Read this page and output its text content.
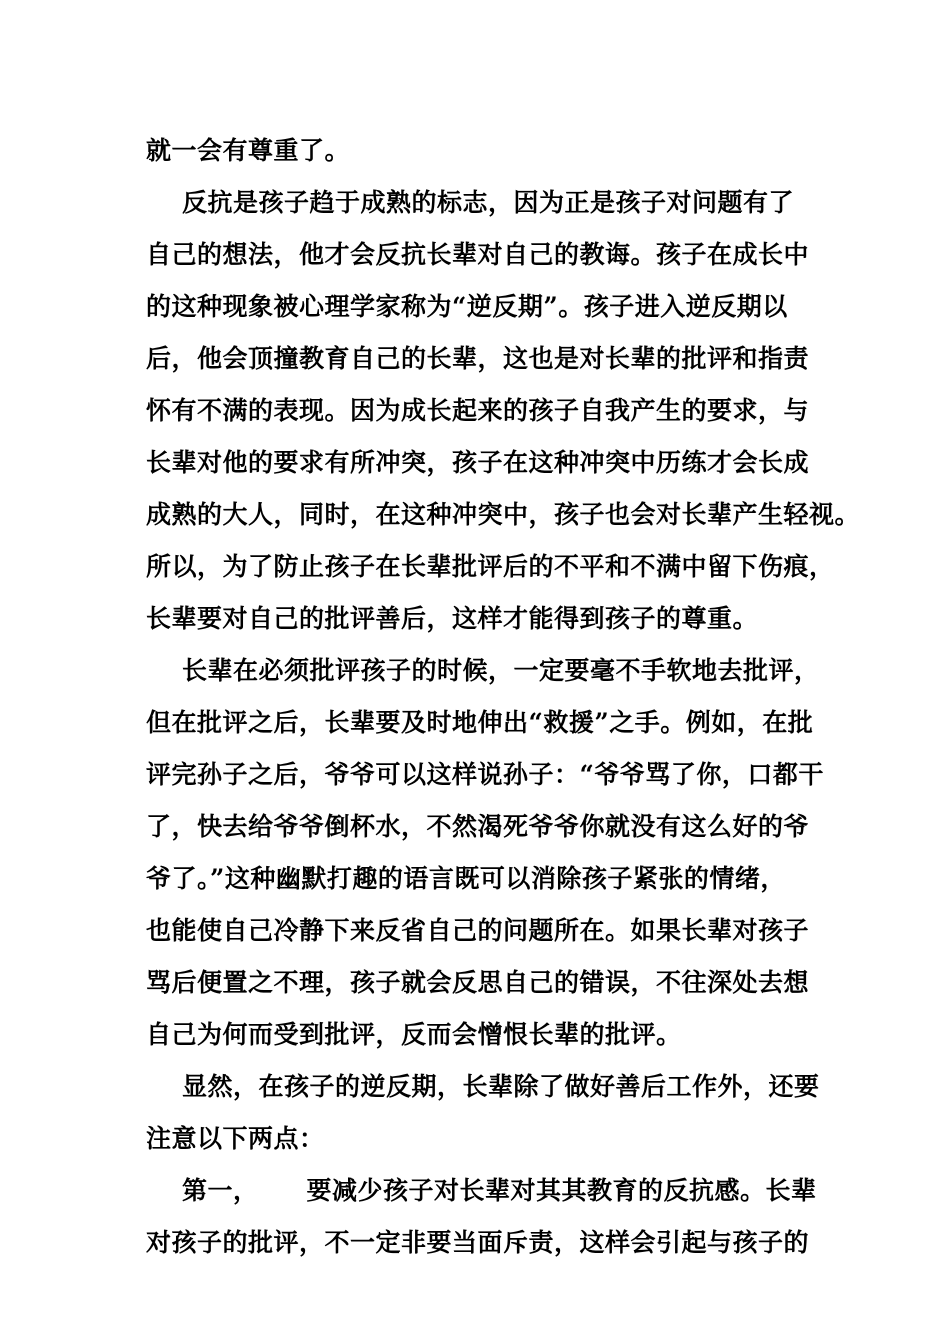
就一会有尊重了。
反抗是孩子趋于成熟的标志，因为正是孩子对问题有了
自己的想法，他才会反抗长辈对自己的教诲。孩子在成长中
的这种现象被心理学家称为“逆反期”。孩子进入逆反期以
后，他会顶撞教育自己的长辈，这也是对长辈的批评和指责
怀有不满的表现。因为成长起来的孩子自我产生的要求，与
长辈对他的要求有所冲突，孩子在这种冲突中历练才会长成
成熟的大人，同时，在这种冲突中，孩子也会对长辈产生轻视。
所以，为了防止孩子在长辈批评后的不平和不满中留下伤痕，
长辈要对自己的批评善后，这样才能得到孩子的尊重。
长辈在必须批评孩子的时候，一定要毫不手软地去批评，
但在批评之后，长辈要及时地伸出“救援”之手。例如，在批
评完孙子之后，爷爷可以这样说孙子：“爷爷骂了你，口都干
了，快去给爷爷倒杯水，不然渴死爷爷你就没有这么好的爷
爷了。”这种幽默打趣的语言既可以消除孩子紧张的情绪，
也能使自己冷静下来反省自己的问题所在。如果长辈对孩子
骂后便置之不理，孩子就会反思自己的错误，不往深处去想
自己为何而受到批评，反而会憎恨长辈的批评。
显然，在孩子的逆反期，长辈除了做好善后工作外，还要
注意以下两点：
第一， 要减少孩子对长辈对其其教育的反抗感。长辈
对孩子的批评，不一定非要当面斥责，这样会引起与孩子的
